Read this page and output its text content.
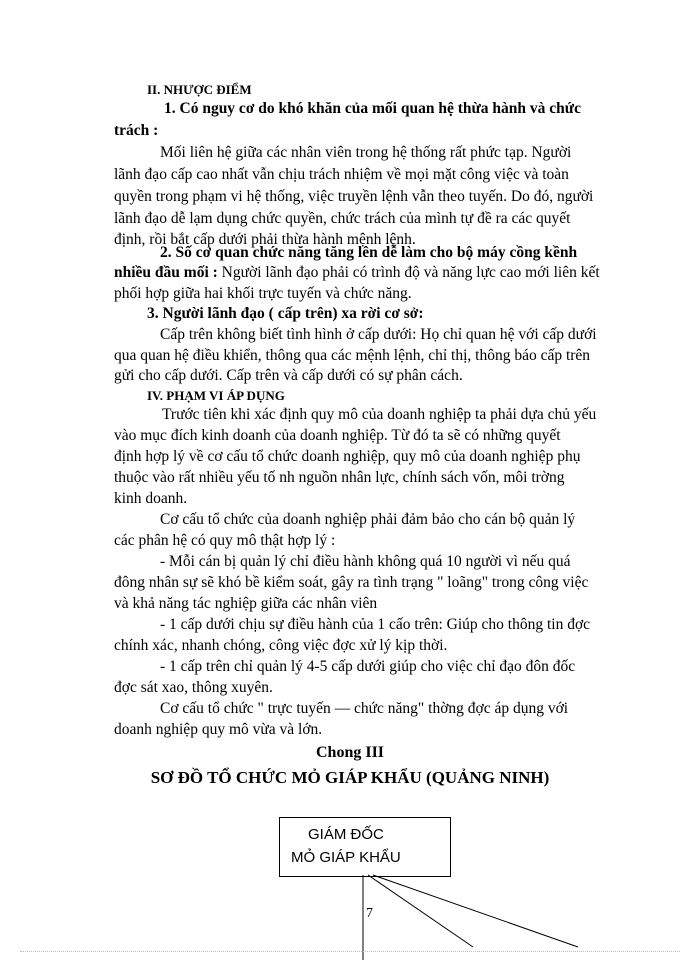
II. NHƯỢC ĐIỂM
1. Có nguy cơ do khó khăn của mối quan hệ thừa hành và chức
trách :
Mối liên hệ giữa các nhân viên trong hệ thống rất phức tạp. Người
lãnh đạo cấp cao nhất vẫn chịu trách nhiệm về mọi mặt công việc và toàn
quyền trong phạm vi hệ thống, việc truyền lệnh vẫn theo tuyến. Do đó, người
lãnh đạo dễ lạm dụng chức quyền, chức trách của mình tự đề ra các quyết
định, rồi bắt cấp dưới phải thừa hành mệnh lệnh.
2. Số cơ quan chức năng tăng lên dễ làm cho bộ máy cồng kềnh
nhiều đầu mối : Người lãnh đạo phải có trình độ và năng lực cao mới liên kết
phối hợp giữa hai khối trực tuyến và chức năng.
3. Người lãnh đạo ( cấp trên) xa rời cơ sở:
Cấp trên không biết tình hình ở cấp dưới: Họ chỉ quan hệ với cấp dưới
qua quan hệ điều khiển, thông qua các mệnh lệnh, chỉ thị, thông báo cấp trên
gửi cho cấp dưới. Cấp trên và cấp dưới có sự phân cách.
IV. PHẠM VI ÁP DỤNG
Trước tiên khi xác định quy mô của doanh nghiệp ta phải dựa chủ yếu
vào mục đích kinh doanh của doanh nghiệp. Từ đó ta sẽ có những quyết
định hợp lý về cơ cấu tổ chức doanh nghiệp, quy mô của doanh nghiệp phụ
thuộc vào rất nhiều yếu tố nh nguồn nhân lực, chính sách vốn, môi trờng
kinh doanh.
Cơ cấu tổ chức của doanh nghiệp phải đảm bảo cho cán bộ quản lý
các phân hệ có quy mô thật hợp lý :
- Mỗi cán bị quản lý chỉ điều hành không quá 10 người vì nếu quá
đông nhân sự sẽ khó bề kiểm soát, gây ra tình trạng " loãng" trong công việc
và khả năng tác nghiệp giữa các nhân viên
- 1 cấp dưới chịu sự điều hành của 1 cấo trên: Giúp cho thông tin đợc
chính xác, nhanh chóng, công việc đợc xử lý kịp thời.
- 1 cấp trên chỉ quản lý 4-5 cấp dưới giúp cho việc chỉ đạo đôn đốc
đợc sát xao, thông xuyên.
Cơ cấu tổ chức " trực tuyến — chức năng" thờng đợc áp dụng với
doanh nghiệp quy mô vừa và lớn.
Chong III
SƠ ĐỒ TỔ CHỨC MỎ GIÁP KHẨU (QUẢNG NINH)
GIÁM ĐỐC
MỎ GIÁP KHẨU
7
